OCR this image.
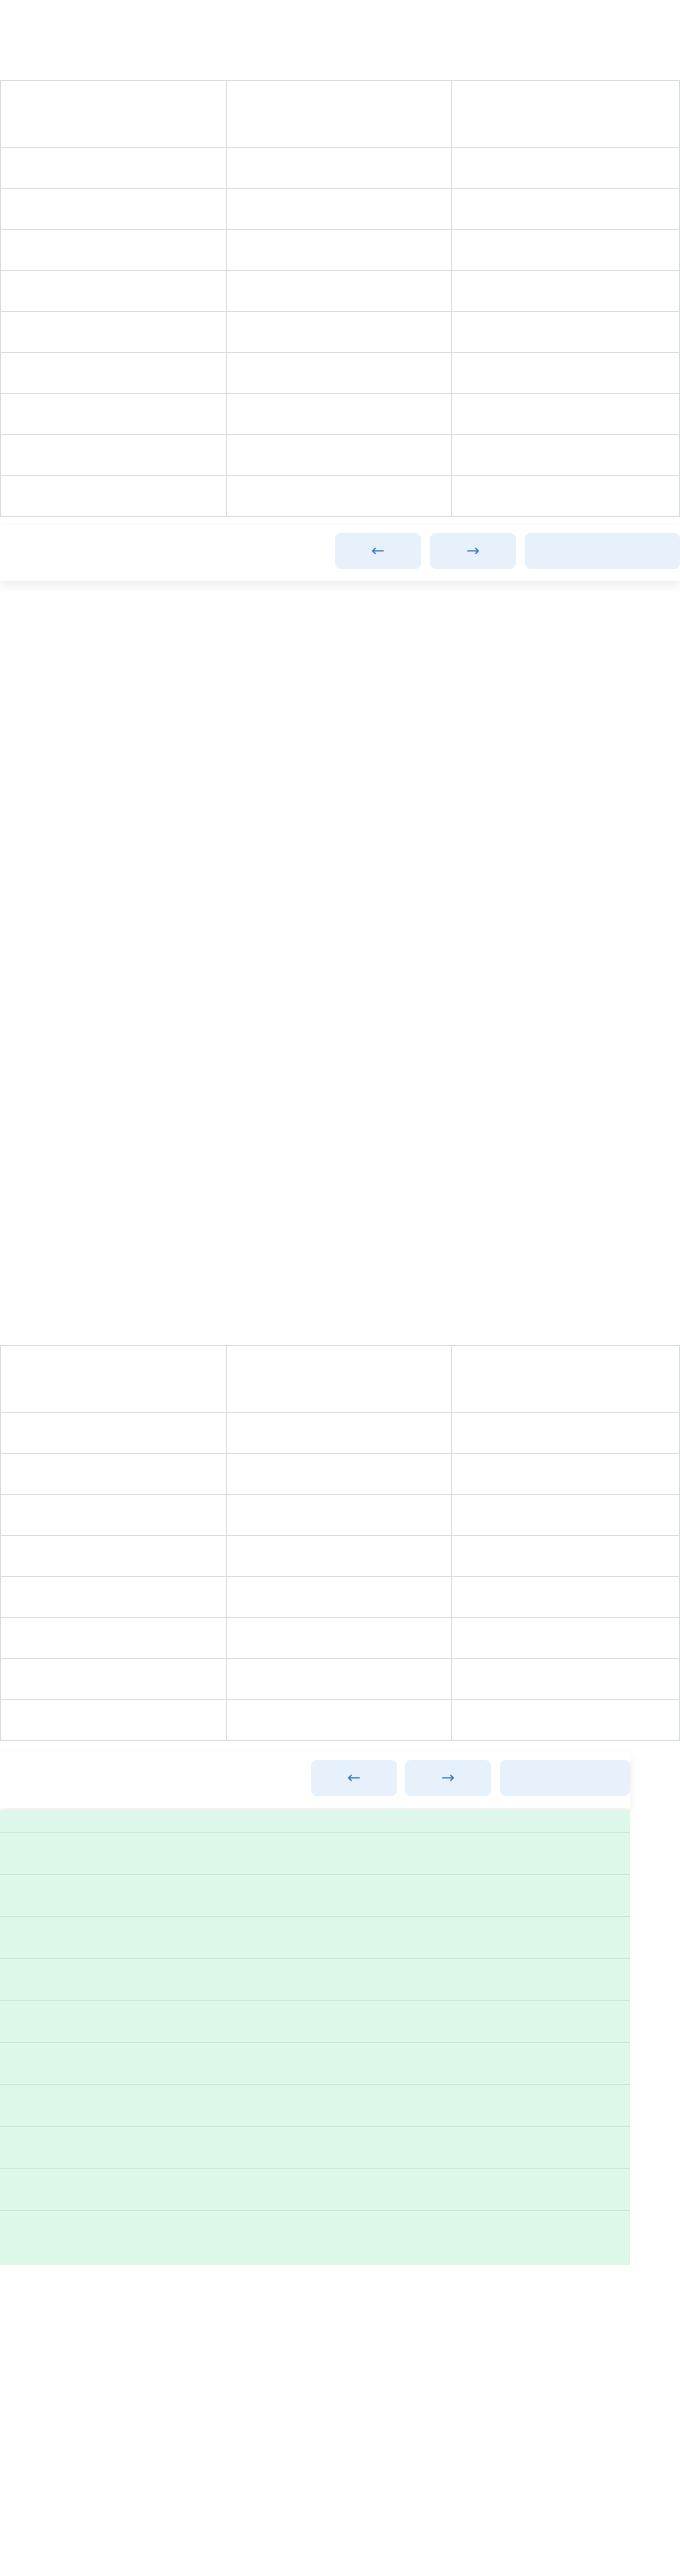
←	→

←	→
